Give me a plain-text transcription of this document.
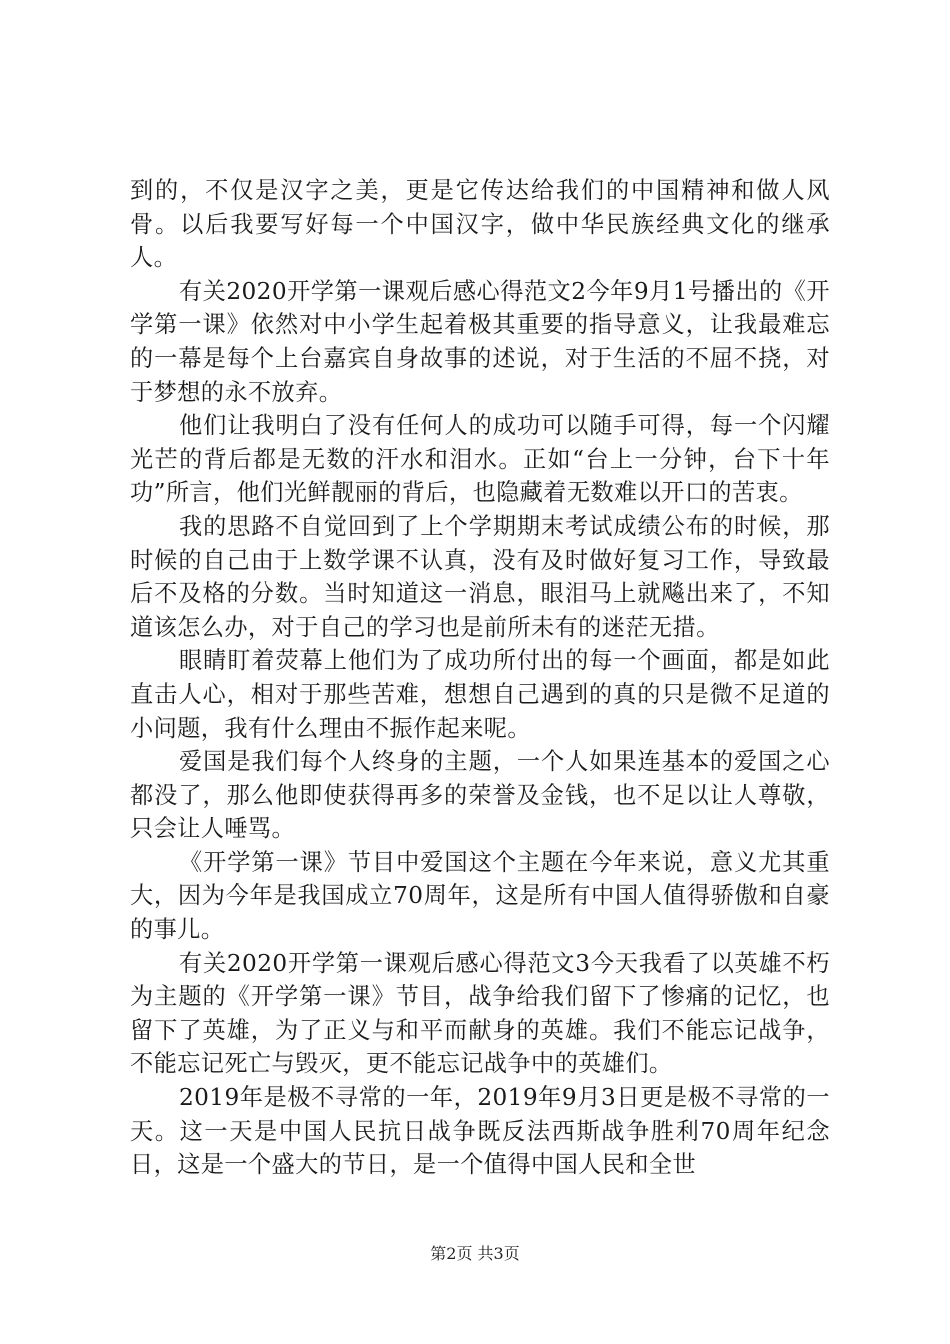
到的，不仅是汉字之美，更是它传达给我们的中国精神和做人风骨。以后我要写好每一个中国汉字，做中华民族经典文化的继承人。

有关2020开学第一课观后感心得范文2今年9月1号播出的《开学第一课》依然对中小学生起着极其重要的指导意义，让我最难忘的一幕是每个上台嘉宾自身故事的述说，对于生活的不屈不挠，对于梦想的永不放弃。

他们让我明白了没有任何人的成功可以随手可得，每一个闪耀光芒的背后都是无数的汗水和泪水。正如“台上一分钟，台下十年功”所言，他们光鲜靓丽的背后，也隐藏着无数难以开口的苦衷。

我的思路不自觉回到了上个学期期末考试成绩公布的时候，那时候的自己由于上数学课不认真，没有及时做好复习工作，导致最后不及格的分数。当时知道这一消息，眼泪马上就飚出来了，不知道该怎么办，对于自己的学习也是前所未有的迷茫无措。

眼睛盯着荧幕上他们为了成功所付出的每一个画面，都是如此直击人心，相对于那些苦难，想想自己遇到的真的只是微不足道的小问题，我有什么理由不振作起来呢。

爱国是我们每个人终身的主题，一个人如果连基本的爱国之心都没了，那么他即使获得再多的荣誉及金钱，也不足以让人尊敬，只会让人唾骂。

《开学第一课》节目中爱国这个主题在今年来说，意义尤其重大，因为今年是我国成立70周年，这是所有中国人值得骄傲和自豪的事儿。

有关2020开学第一课观后感心得范文3今天我看了以英雄不朽为主题的《开学第一课》节目，战争给我们留下了惨痛的记忆，也留下了英雄，为了正义与和平而献身的英雄。我们不能忘记战争，不能忘记死亡与毁灭，更不能忘记战争中的英雄们。

2019年是极不寻常的一年，2019年9月3日更是极不寻常的一天。这一天是中国人民抗日战争既反法西斯战争胜利70周年纪念日，这是一个盛大的节日，是一个值得中国人民和全世

第2页 共3页
